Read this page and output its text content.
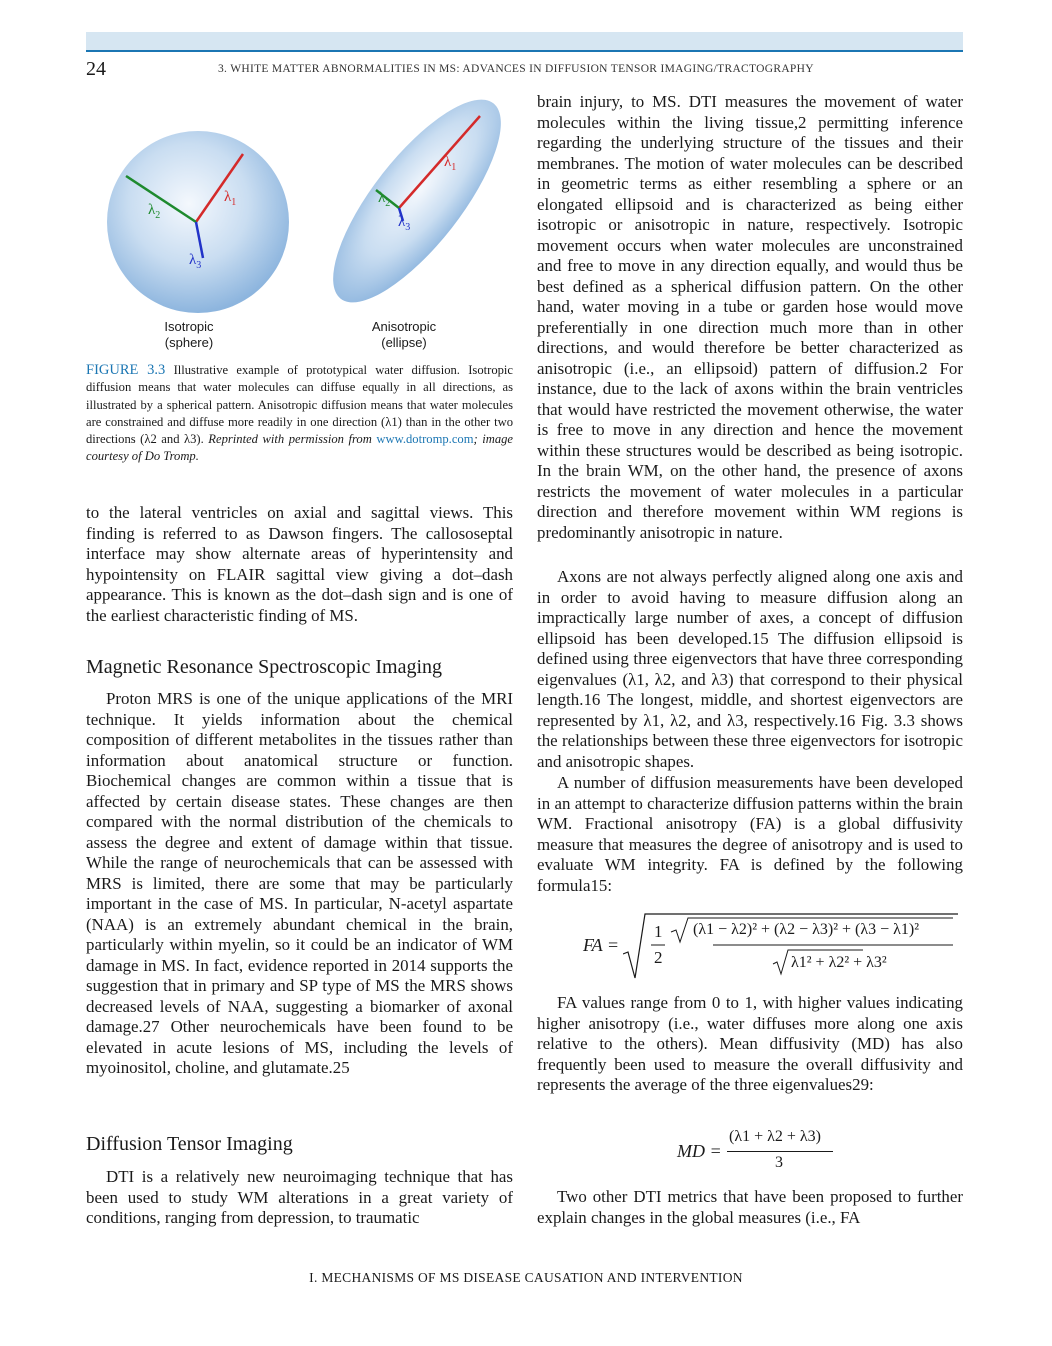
24	3. WHITE MATTER ABNORMALITIES IN MS: ADVANCES IN DIFFUSION TENSOR IMAGING/TRACTOGRAPHY
$\lambda_1$
$\lambda_2$
$\lambda_3$
$\lambda_1$
$\lambda_2$
$\lambda_3$
Isotropic
(sphere)
Anisotropic
(ellipse)
FIGURE 3.3 Illustrative example of prototypical water diffusion. Isotropic diffusion means that water molecules can diffuse equally in all directions, as illustrated by a spherical pattern. Anisotropic diffusion means that water molecules are constrained and diffuse more readily in one direction (λ1) than in the other two directions (λ2 and λ3). Reprinted with permission from www.dotromp.com; image courtesy of Do Tromp.

to the lateral ventricles on axial and sagittal views. This finding is referred to as Dawson fingers. The callososeptal interface may show alternate areas of hyperintensity and hypointensity on FLAIR sagittal view giving a dot–dash appearance. This is known as the dot–dash sign and is one of the earliest characteristic finding of MS.

Magnetic Resonance Spectroscopic Imaging

Proton MRS is one of the unique applications of the MRI technique. It yields information about the chemical composition of different metabolites in the tissues rather than information about anatomical structure or function. Biochemical changes are common within a tissue that is affected by certain disease states. These changes are then compared with the normal distribution of the chemicals to assess the degree and extent of damage within that tissue. While the range of neurochemicals that can be assessed with MRS is limited, there are some that may be particularly important in the case of MS. In particular, N-acetyl aspartate (NAA) is an extremely abundant chemical in the brain, particularly within myelin, so it could be an indicator of WM damage in MS. In fact, evidence reported in 2014 supports the suggestion that in primary and SP type of MS the MRS shows decreased levels of NAA, suggesting a biomarker of axonal damage.27 Other neurochemicals have been found to be elevated in acute lesions of MS, including the levels of myoinositol, choline, and glutamate.25

Diffusion Tensor Imaging

DTI is a relatively new neuroimaging technique that has been used to study WM alterations in a great variety of conditions, ranging from depression, to traumatic

brain injury, to MS. DTI measures the movement of water molecules within the living tissue,2 permitting inference regarding the underlying structure of the tissues and their membranes. The motion of water molecules can be described in geometric terms as either resembling a sphere or an elongated ellipsoid and is characterized as being either isotropic or anisotropic in nature, respectively. Isotropic movement occurs when water molecules are unconstrained and free to move in any direction equally, and would thus be best defined as a spherical diffusion pattern. On the other hand, water moving in a tube or garden hose would move preferentially in one direction much more than in other directions, and would therefore be better characterized as anisotropic (i.e., an ellipsoid) pattern of diffusion.2 For instance, due to the lack of axons within the brain ventricles that would have restricted the movement otherwise, the water is free to move in any direction and hence the movement within these structures would be described as being isotropic. In the brain WM, on the other hand, the presence of axons restricts the movement of water molecules in a particular direction and therefore movement within WM regions is predominantly anisotropic in nature.

Axons are not always perfectly aligned along one axis and in order to avoid having to measure diffusion along an impractically large number of axes, a concept of diffusion ellipsoid has been developed.15 The diffusion ellipsoid is defined using three eigenvectors that have three corresponding eigenvalues (λ1, λ2, and λ3) that correspond to their physical length.16 The longest, middle, and shortest eigenvectors are represented by λ1, λ2, and λ3, respectively.16 Fig. 3.3 shows the relationships between these three eigenvectors for isotropic and anisotropic shapes.

A number of diffusion measurements have been developed in an attempt to characterize diffusion patterns within the brain WM. Fractional anisotropy (FA) is a global diffusivity measure that measures the degree of anisotropy and is used to evaluate WM integrity. FA is defined by the following formula15:

FA =
1
2
(λ1 − λ2)² + (λ2 − λ3)² + (λ3 − λ1)²
λ1² + λ2² + λ3²

FA values range from 0 to 1, with higher values indicating higher anisotropy (i.e., water diffuses more along one axis relative to the others). Mean diffusivity (MD) has also frequently been used to measure the overall diffusivity and represents the average of the three eigenvalues29:

MD =
(λ1 + λ2 + λ3)
3

Two other DTI metrics that have been proposed to further explain changes in the global measures (i.e., FA

I. MECHANISMS OF MS DISEASE CAUSATION AND INTERVENTION
